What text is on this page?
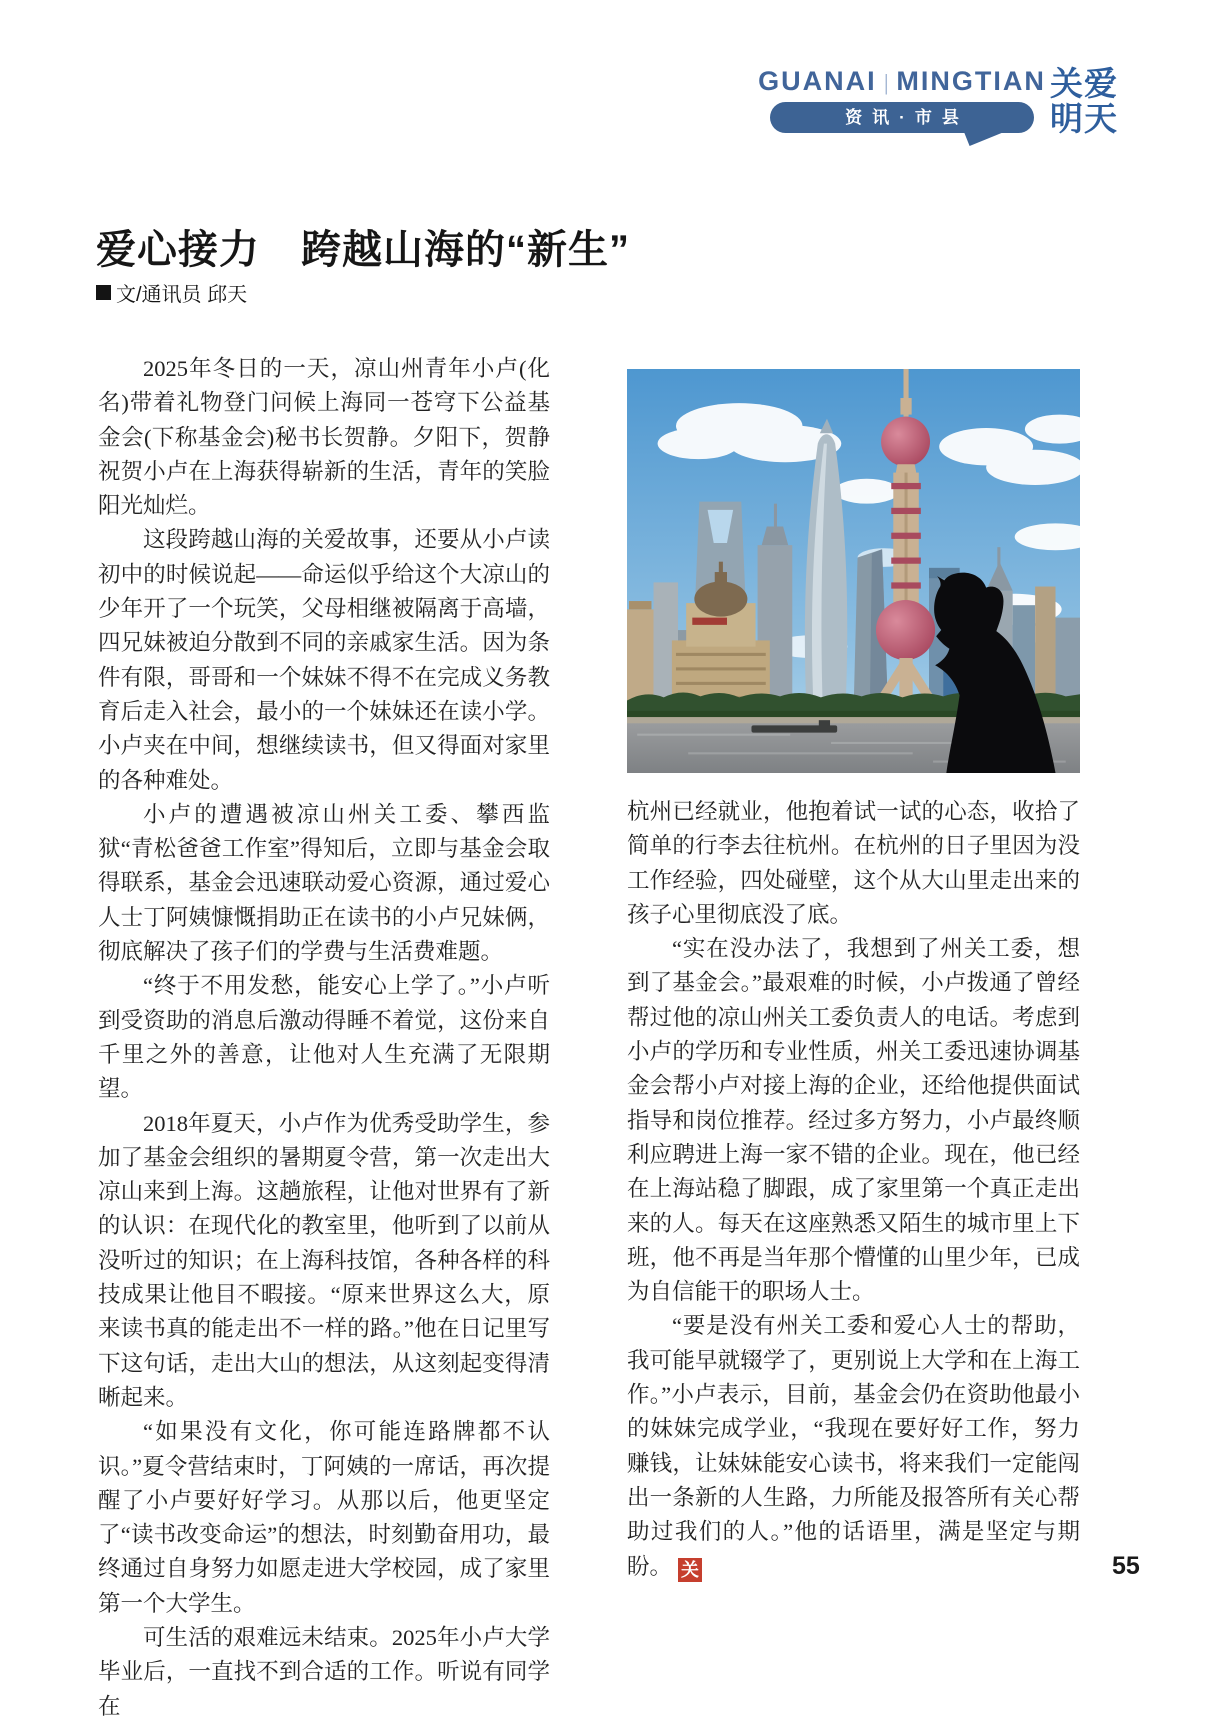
GUANAI | MINGTIAN
资讯·市县
关爱
明天
爱心接力　跨越山海的“新生”
文/通讯员 邱天

2025年冬日的一天，凉山州青年小卢(化名)带着礼物登门问候上海同一苍穹下公益基金会(下称基金会)秘书长贺静。夕阳下，贺静祝贺小卢在上海获得崭新的生活，青年的笑脸阳光灿烂。

这段跨越山海的关爱故事，还要从小卢读初中的时候说起——命运似乎给这个大凉山的少年开了一个玩笑，父母相继被隔离于高墙，四兄妹被迫分散到不同的亲戚家生活。因为条件有限，哥哥和一个妹妹不得不在完成义务教育后走入社会，最小的一个妹妹还在读小学。小卢夹在中间，想继续读书，但又得面对家里的各种难处。

小卢的遭遇被凉山州关工委、攀西监狱“青松爸爸工作室”得知后，立即与基金会取得联系，基金会迅速联动爱心资源，通过爱心人士丁阿姨慷慨捐助正在读书的小卢兄妹俩，彻底解决了孩子们的学费与生活费难题。

“终于不用发愁，能安心上学了。”小卢听到受资助的消息后激动得睡不着觉，这份来自千里之外的善意，让他对人生充满了无限期望。

2018年夏天，小卢作为优秀受助学生，参加了基金会组织的暑期夏令营，第一次走出大凉山来到上海。这趟旅程，让他对世界有了新的认识：在现代化的教室里，他听到了以前从没听过的知识；在上海科技馆，各种各样的科技成果让他目不暇接。“原来世界这么大，原来读书真的能走出不一样的路。”他在日记里写下这句话，走出大山的想法，从这刻起变得清晰起来。

“如果没有文化，你可能连路牌都不认识。”夏令营结束时，丁阿姨的一席话，再次提醒了小卢要好好学习。从那以后，他更坚定了“读书改变命运”的想法，时刻勤奋用功，最终通过自身努力如愿走进大学校园，成了家里第一个大学生。

可生活的艰难远未结束。2025年小卢大学毕业后，一直找不到合适的工作。听说有同学在

杭州已经就业，他抱着试一试的心态，收拾了简单的行李去往杭州。在杭州的日子里因为没工作经验，四处碰壁，这个从大山里走出来的孩子心里彻底没了底。

“实在没办法了，我想到了州关工委，想到了基金会。”最艰难的时候，小卢拨通了曾经帮过他的凉山州关工委负责人的电话。考虑到小卢的学历和专业性质，州关工委迅速协调基金会帮小卢对接上海的企业，还给他提供面试指导和岗位推荐。经过多方努力，小卢最终顺利应聘进上海一家不错的企业。现在，他已经在上海站稳了脚跟，成了家里第一个真正走出来的人。每天在这座熟悉又陌生的城市里上下班，他不再是当年那个懵懂的山里少年，已成为自信能干的职场人士。

“要是没有州关工委和爱心人士的帮助，我可能早就辍学了，更别说上大学和在上海工作。”小卢表示，目前，基金会仍在资助他最小的妹妹完成学业，“我现在要好好工作，努力赚钱，让妹妹能安心读书，将来我们一定能闯出一条新的人生路，力所能及报答所有关心帮助过我们的人。”他的话语里，满是坚定与期盼。 关	55
